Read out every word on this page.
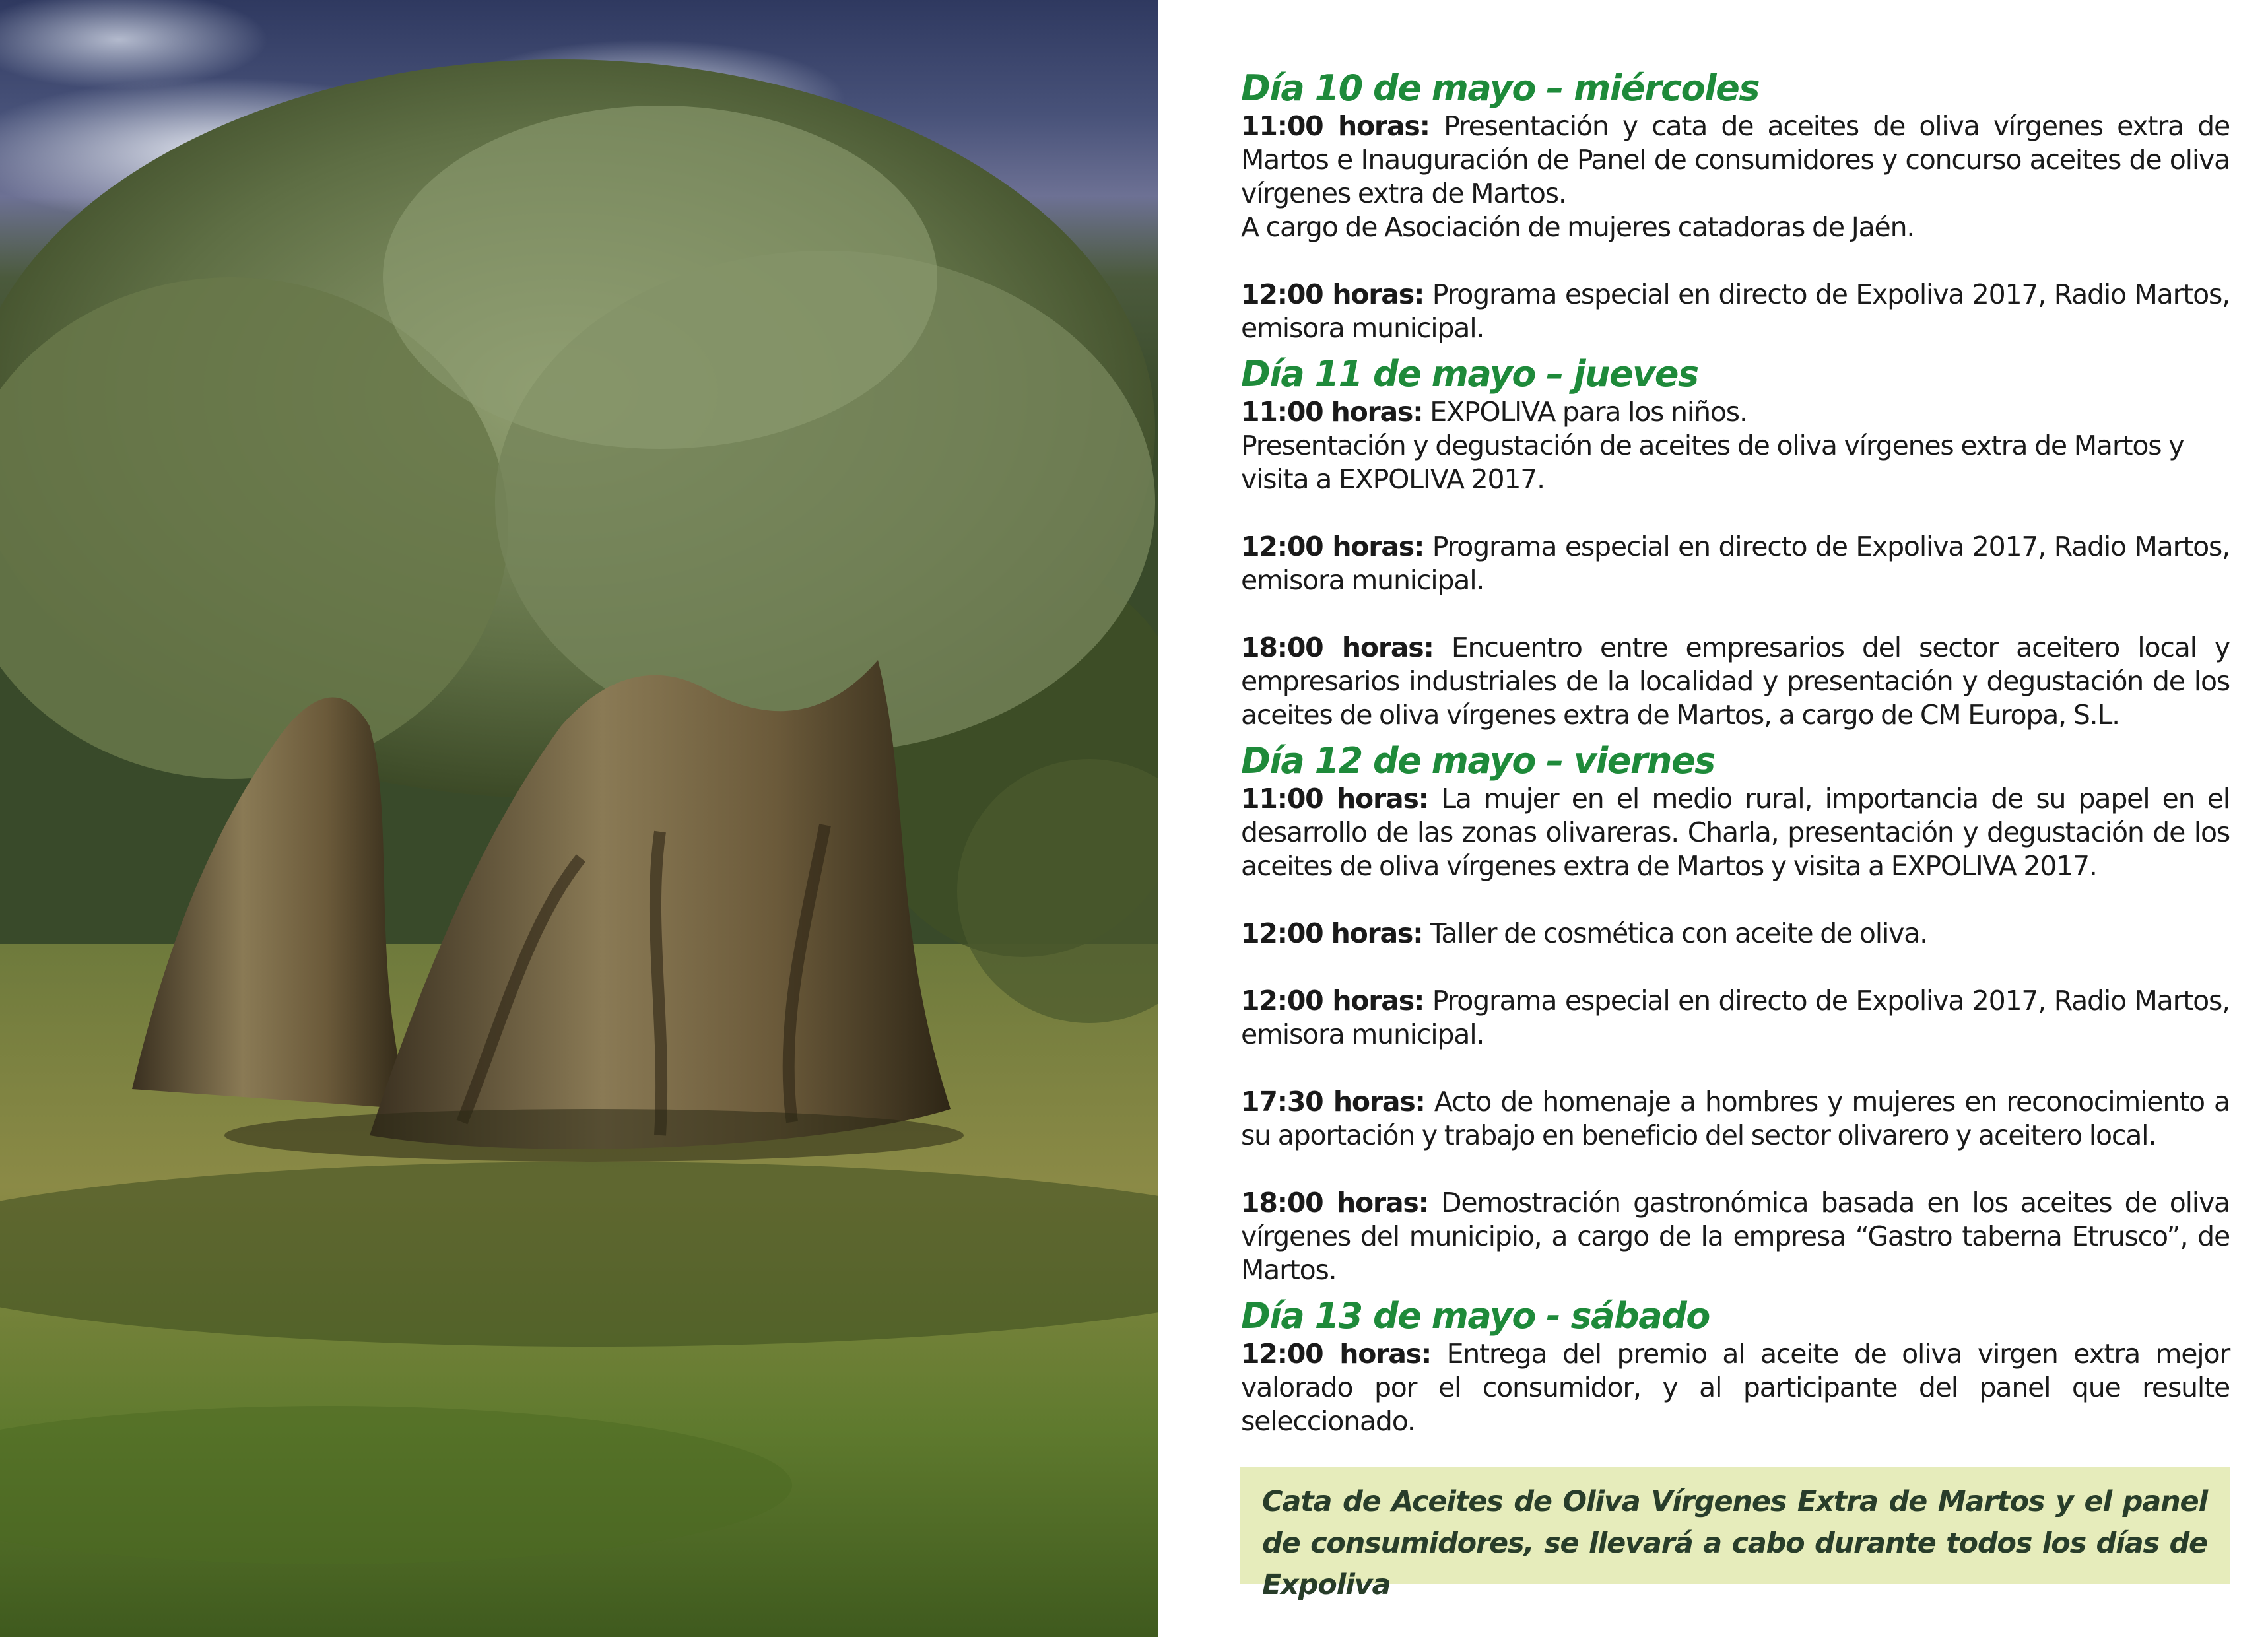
Día 10 de mayo – miércoles

11:00 horas: Presentación y cata de aceites de oliva vírgenes extra de Martos e Inauguración de Panel de consumidores y concurso aceites de oliva vírgenes extra de Martos.
A cargo de Asociación de mujeres catadoras de Jaén.

12:00 horas: Programa especial en directo de Expoliva 2017, Radio Martos, emisora municipal.

Día 11 de mayo – jueves

11:00 horas: EXPOLIVA para los niños.
Presentación y degustación de aceites de oliva vírgenes extra de Martos y visita a EXPOLIVA 2017.

12:00 horas: Programa especial en directo de Expoliva 2017, Radio Martos, emisora municipal.

18:00 horas: Encuentro entre empresarios del sector aceitero local y empresarios industriales de la localidad y presentación y degustación de los aceites de oliva vírgenes extra de Martos, a cargo de CM Europa, S.L.

Día 12 de mayo – viernes

11:00 horas: La mujer en el medio rural, importancia de su papel en el desarrollo de las zonas olivareras. Charla, presentación y degustación de los aceites de oliva vírgenes extra de Martos y visita a EXPOLIVA 2017.

12:00 horas: Taller de cosmética con aceite de oliva.

12:00 horas: Programa especial en directo de Expoliva 2017, Radio Martos, emisora municipal.

17:30 horas: Acto de homenaje a hombres y mujeres en reconocimiento a su aportación y trabajo en beneficio del sector olivarero y aceitero local.

18:00 horas: Demostración gastronómica basada en los aceites de oliva vírgenes del municipio, a cargo de la empresa “Gastro taberna Etrusco”, de Martos.

Día 13 de mayo - sábado

12:00 horas: Entrega del premio al aceite de oliva virgen extra mejor valorado por el consumidor, y al participante del panel que resulte seleccionado.

Cata de Aceites de Oliva Vírgenes Extra de Martos y el panel de consumidores, se llevará a cabo durante todos los días de Expoliva
